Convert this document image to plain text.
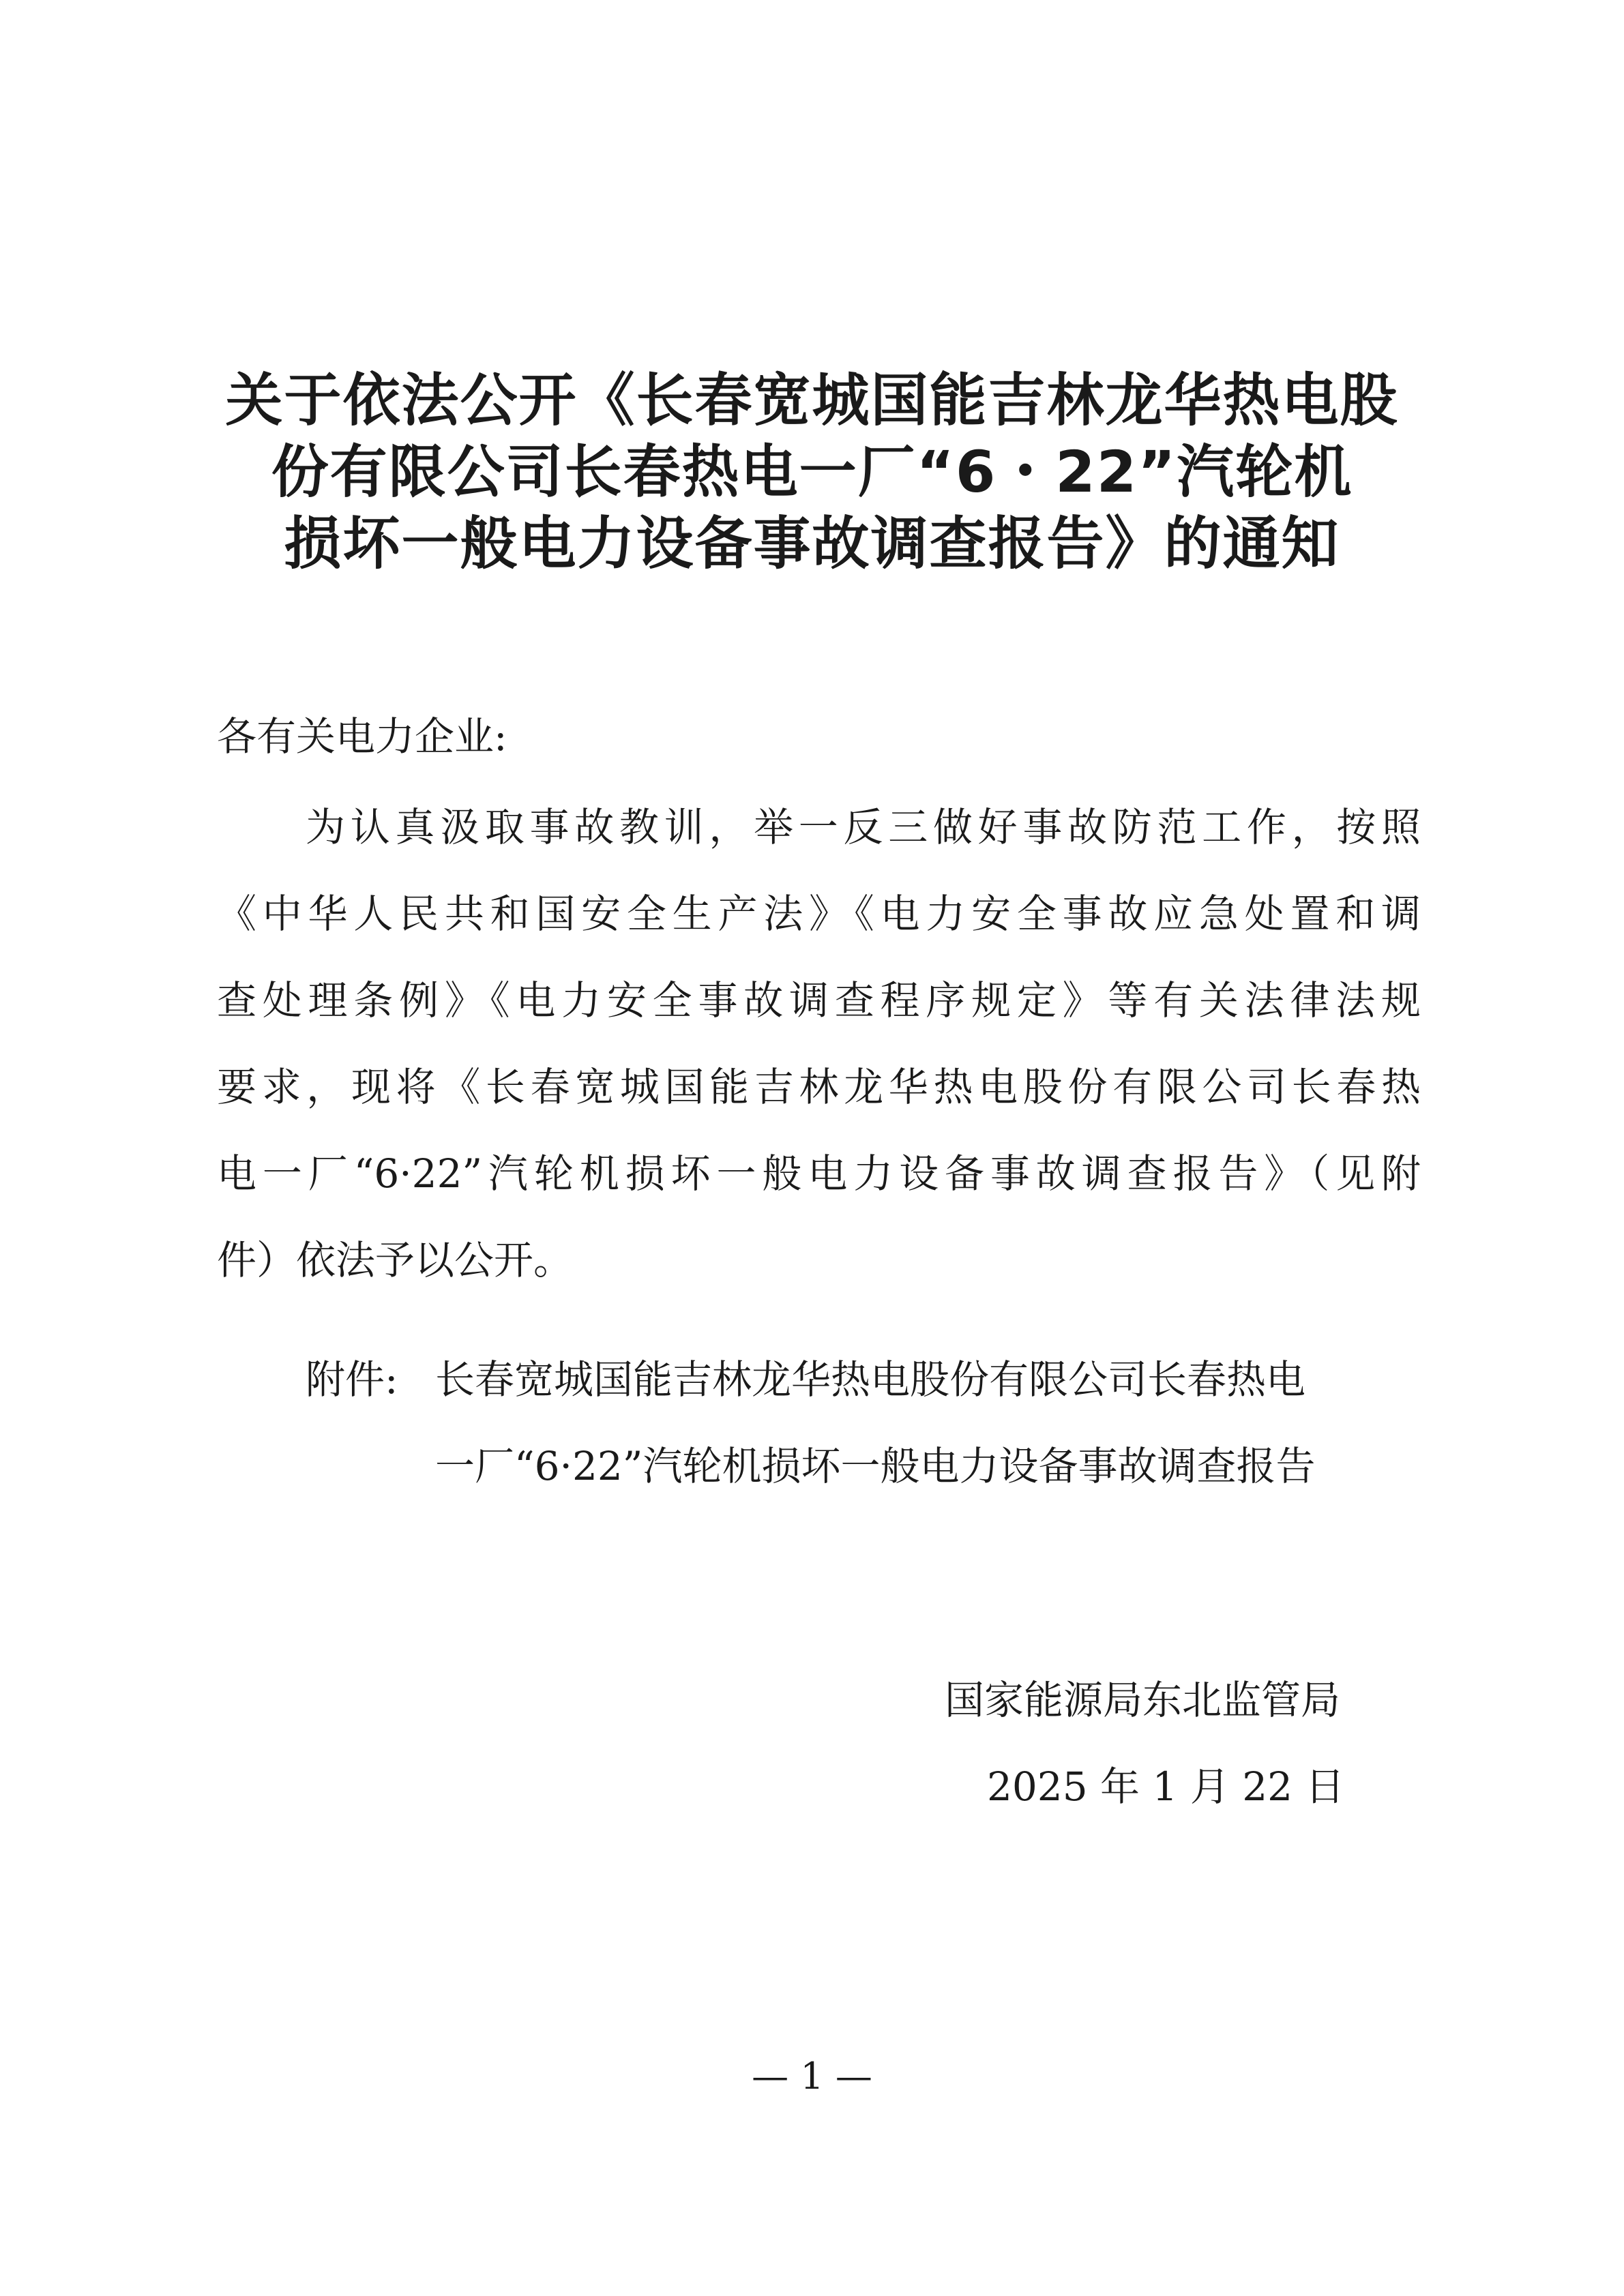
关于依法公开《长春宽城国能吉林龙华热电股
份有限公司长春热电一厂“6・22”汽轮机
损坏一般电力设备事故调查报告》的通知
各有关电力企业:
为认真汲取事故教训，举一反三做好事故防范工作，按照
《中华人民共和国安全生产法》《电力安全事故应急处置和调
查处理条例》《电力安全事故调查程序规定》等有关法律法规
要求，现将《长春宽城国能吉林龙华热电股份有限公司长春热
电一厂“6·22”汽轮机损坏一般电力设备事故调查报告》（见附
件）依法予以公开。
附件: 长春宽城国能吉林龙华热电股份有限公司长春热电
一厂“6·22”汽轮机损坏一般电力设备事故调查报告
国家能源局东北监管局
2025 年 1 月 22 日
— 1 —
